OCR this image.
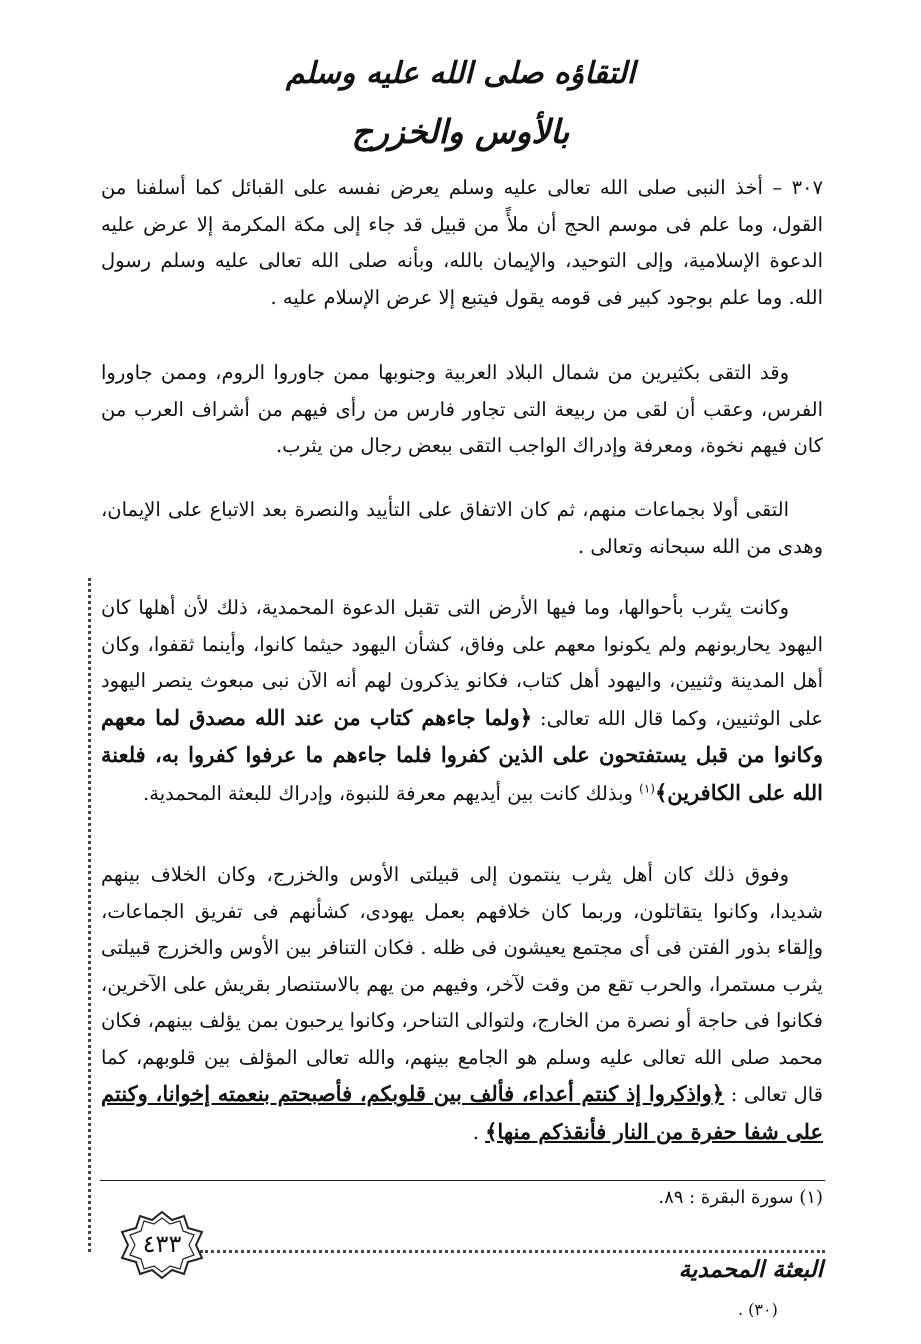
التقاؤه صلى الله عليه وسلم
بالأوس والخزرج

٣٠٧ – أخذ النبى صلى الله تعالى عليه وسلم يعرض نفسه على القبائل كما أسلفنا من القول، وما علم فى موسم الحج أن ملأً من قبيل قد جاء إلى مكة المكرمة إلا عرض عليه الدعوة الإسلامية، وإلى التوحيد، والإيمان بالله، وبأنه صلى الله تعالى عليه وسلم رسول الله. وما علم بوجود كبير فى قومه يقول فيتبع إلا عرض الإسلام عليه .

وقد التقى بكثيرين من شمال البلاد العربية وجنوبها ممن جاوروا الروم، وممن جاوروا الفرس، وعقب أن لقى من ربيعة التى تجاور فارس من رأى فيهم من أشراف العرب من كان فيهم نخوة، ومعرفة وإدراك الواجب التقى ببعض رجال من يثرب.

التقى أولا بجماعات منهم، ثم كان الاتفاق على التأييد والنصرة بعد الاتباع على الإيمان، وهدى من الله سبحانه وتعالى .

وكانت يثرب بأحوالها، وما فيها الأرض التى تقبل الدعوة المحمدية، ذلك لأن أهلها كان اليهود يحاربونهم ولم يكونوا معهم على وفاق، كشأن اليهود حيثما كانوا، وأينما ثقفوا، وكان أهل المدينة وثنيين، واليهود أهل كتاب، فكانو يذكرون لهم أنه الآن نبى مبعوث ينصر اليهود على الوثنيين، وكما قال الله تعالى: ﴿ولما جاءهم كتاب من عند الله مصدق لما معهم وكانوا من قبل يستفتحون على الذين كفروا فلما جاءهم ما عرفوا كفروا به، فلعنة الله على الكافرين﴾$^{(١)}$ وبذلك كانت بين أيديهم معرفة للنبوة، وإدراك للبعثة المحمدية.

وفوق ذلك كان أهل يثرب ينتمون إلى قبيلتى الأوس والخزرج، وكان الخلاف بينهم شديدا، وكانوا يتقاتلون، وربما كان خلافهم بعمل يهودى، كشأنهم فى تفريق الجماعات، وإلقاء بذور الفتن فى أى مجتمع يعيشون فى ظله . فكان التنافر بين الأوس والخزرج قبيلتى يثرب مستمرا، والحرب تقع من وقت لآخر، وفيهم من يهم بالاستنصار بقريش على الآخرين، فكانوا فى حاجة أو نصرة من الخارج، ولتوالى التناحر، وكانوا يرحبون بمن يؤلف بينهم، فكان محمد صلى الله تعالى عليه وسلم هو الجامع بينهم، والله تعالى المؤلف بين قلوبهم، كما قال تعالى : ﴿واذكروا إذ كنتم أعداء، فألف بين قلوبكم، فأصبحتم بنعمته إخوانا، وكنتم على شفا حفرة من النار فأنقذكم منها﴾ .

(١) سورة البقرة : ٨٩.
٤٣٣
البعثة المحمدية
(٣٠) .
